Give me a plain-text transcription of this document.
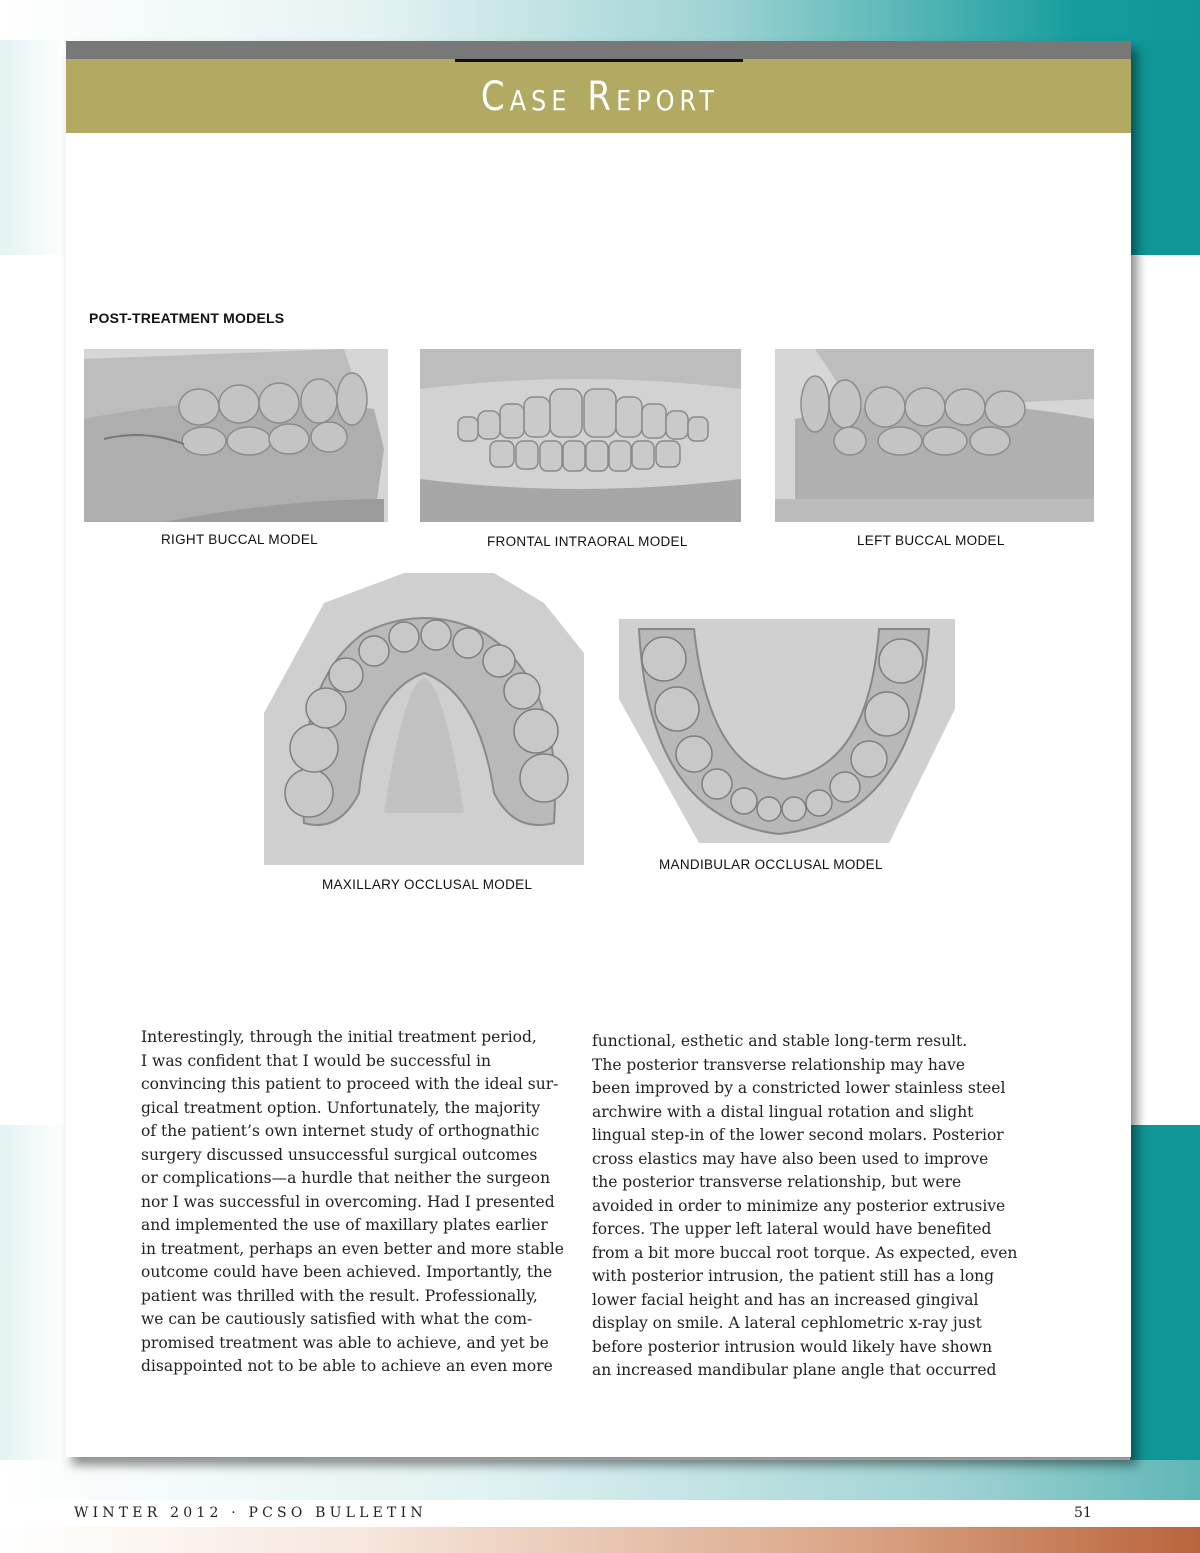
Case Report
POST-TREATMENT MODELS
RIGHT BUCCAL MODEL	FRONTAL INTRAORAL MODEL	LEFT BUCCAL MODEL
MANDIBULAR OCCLUSAL MODEL
MAXILLARY OCCLUSAL MODEL
Interestingly, through the initial treatment period,
I was confident that I would be successful in
convincing this patient to proceed with the ideal sur-
gical treatment option. Unfortunately, the majority
of the patient’s own internet study of orthognathic
surgery discussed unsuccessful surgical outcomes
or complications—a hurdle that neither the surgeon
nor I was successful in overcoming. Had I presented
and implemented the use of maxillary plates earlier
in treatment, perhaps an even better and more stable
outcome could have been achieved. Importantly, the
patient was thrilled with the result. Professionally,
we can be cautiously satisfied with what the com-
promised treatment was able to achieve, and yet be
disappointed not to be able to achieve an even more
functional, esthetic and stable long-term result.
The posterior transverse relationship may have
been improved by a constricted lower stainless steel
archwire with a distal lingual rotation and slight
lingual step-in of the lower second molars. Posterior
cross elastics may have also been used to improve
the posterior transverse relationship, but were
avoided in order to minimize any posterior extrusive
forces. The upper left lateral would have benefited
from a bit more buccal root torque. As expected, even
with posterior intrusion, the patient still has a long
lower facial height and has an increased gingival
display on smile. A lateral cephlometric x-ray just
before posterior intrusion would likely have shown
an increased mandibular plane angle that occurred
WINTER 2012 · PCSO BULLETIN	51
